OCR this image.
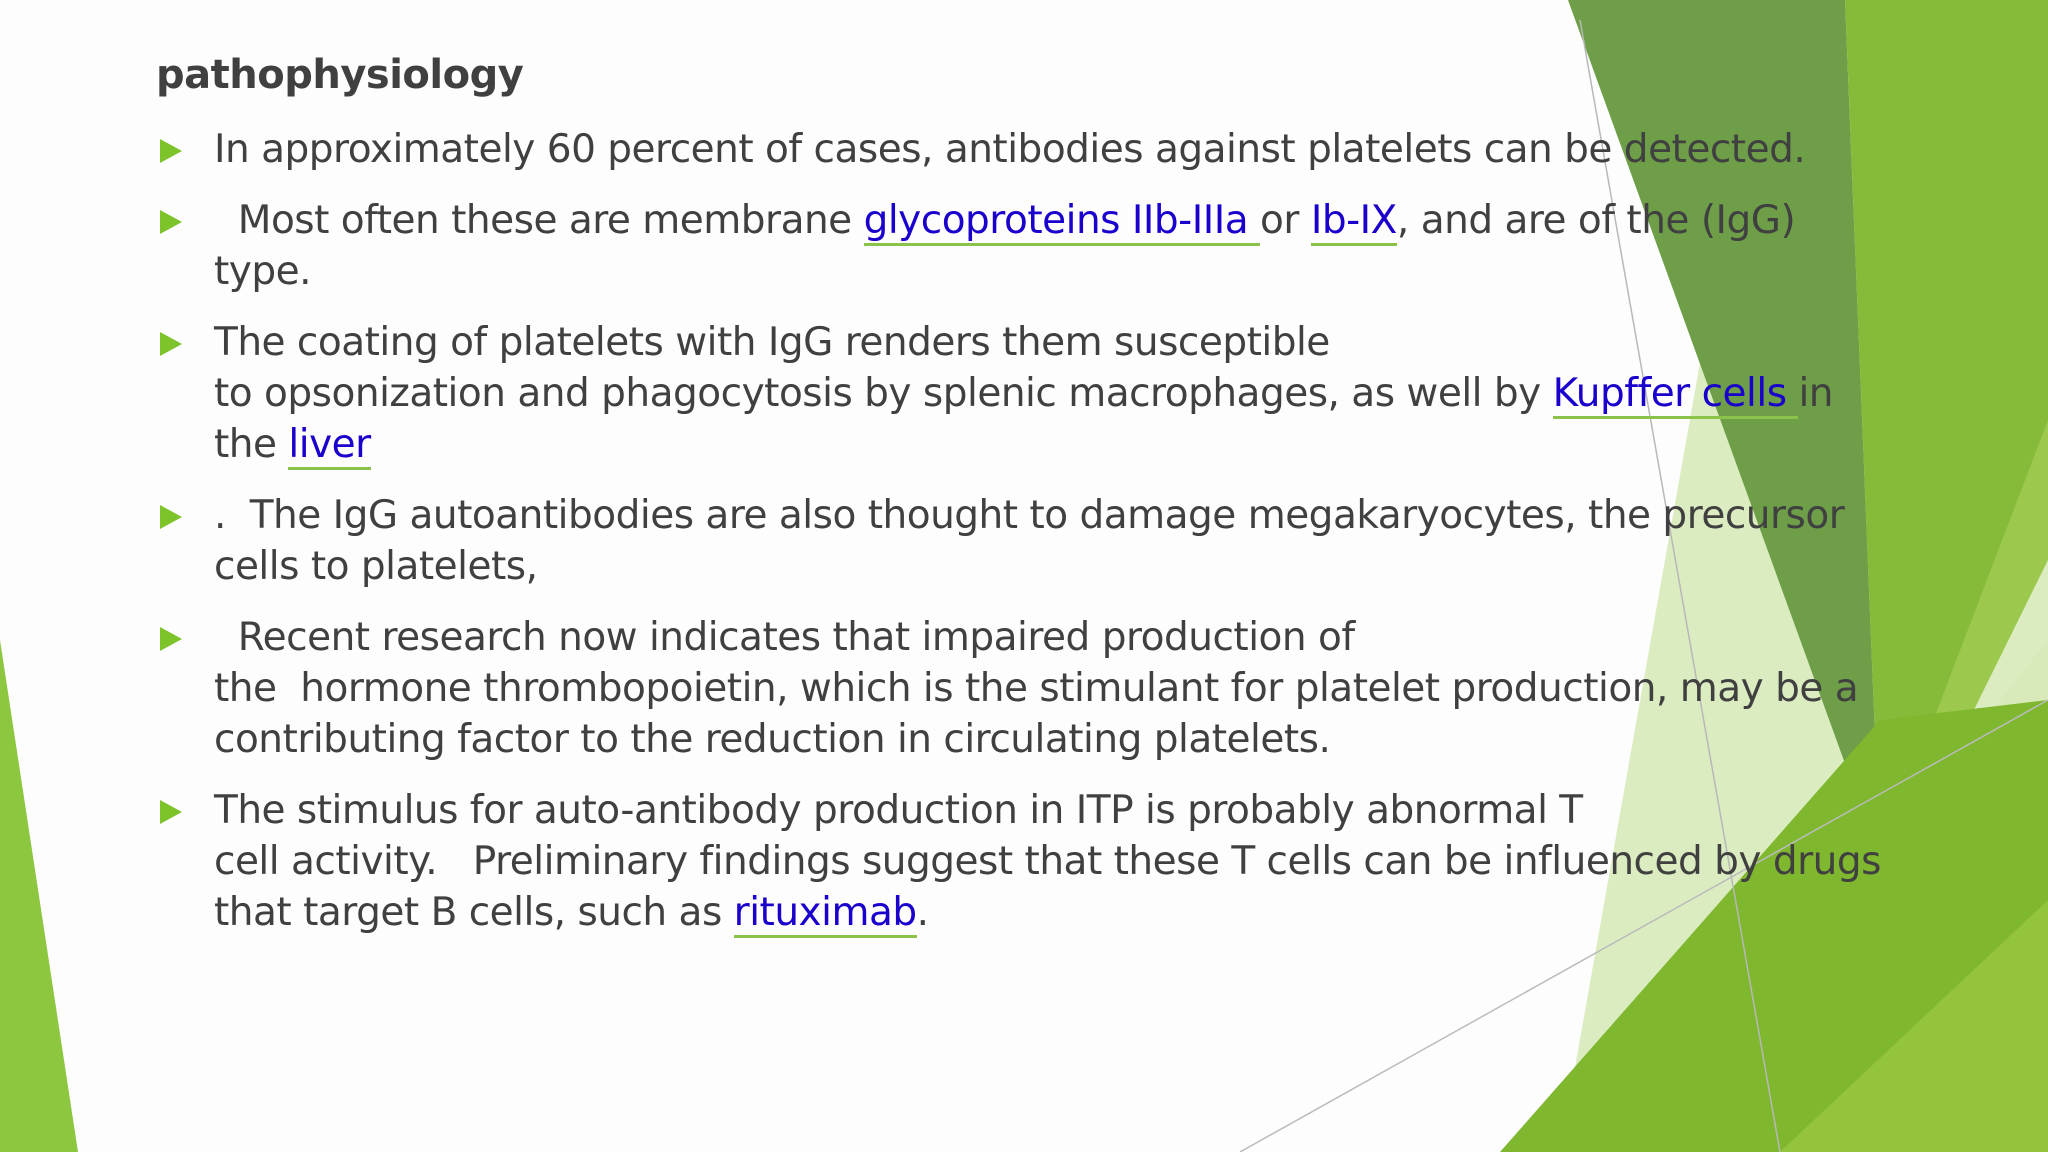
pathophysiology
In approximately 60 percent of cases, antibodies against platelets can be detected.
Most often these are membrane glycoproteins IIb-IIIa or Ib-IX, and are of the (IgG)
type.
The coating of platelets with IgG renders them susceptible
to opsonization and phagocytosis by splenic macrophages, as well by Kupffer cells in
the liver
.  The IgG autoantibodies are also thought to damage megakaryocytes, the precursor
cells to platelets,
Recent research now indicates that impaired production of
the  hormone thrombopoietin, which is the stimulant for platelet production, may be a
contributing factor to the reduction in circulating platelets.
The stimulus for auto-antibody production in ITP is probably abnormal T
cell activity.   Preliminary findings suggest that these T cells can be influenced by drugs
that target B cells, such as rituximab.
